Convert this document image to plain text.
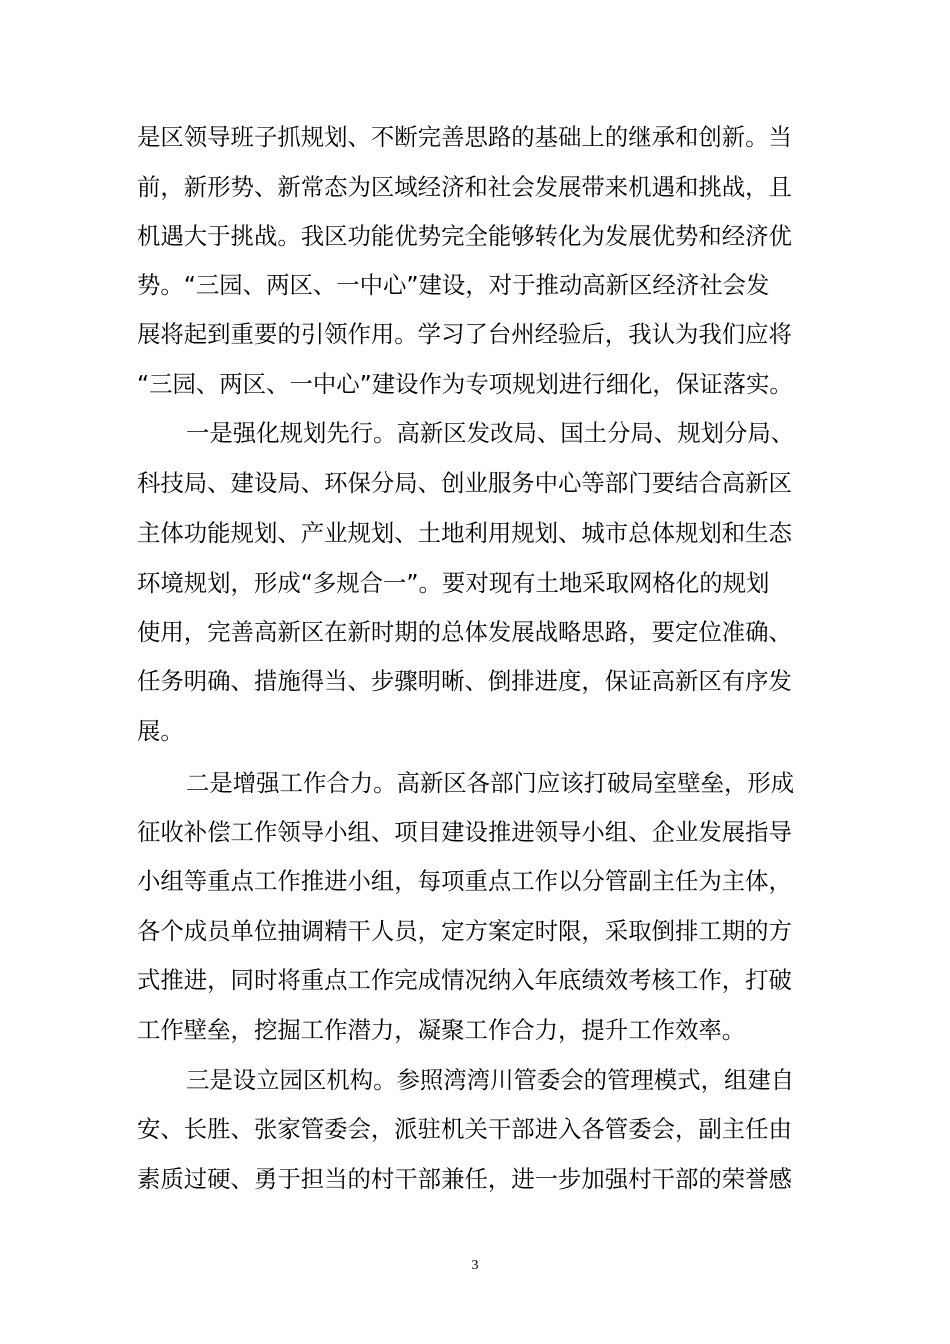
是区领导班子抓规划、不断完善思路的基础上的继承和创新。当
前，新形势、新常态为区域经济和社会发展带来机遇和挑战，且
机遇大于挑战。我区功能优势完全能够转化为发展优势和经济优
势。“三园、两区、一中心”建设，对于推动高新区经济社会发
展将起到重要的引领作用。学习了台州经验后，我认为我们应将
“三园、两区、一中心”建设作为专项规划进行细化，保证落实。
一是强化规划先行。高新区发改局、国土分局、规划分局、
科技局、建设局、环保分局、创业服务中心等部门要结合高新区
主体功能规划、产业规划、土地利用规划、城市总体规划和生态
环境规划，形成“多规合一”。要对现有土地采取网格化的规划
使用，完善高新区在新时期的总体发展战略思路，要定位准确、
任务明确、措施得当、步骤明晰、倒排进度，保证高新区有序发
展。
二是增强工作合力。高新区各部门应该打破局室壁垒，形成
征收补偿工作领导小组、项目建设推进领导小组、企业发展指导
小组等重点工作推进小组，每项重点工作以分管副主任为主体，
各个成员单位抽调精干人员，定方案定时限，采取倒排工期的方
式推进，同时将重点工作完成情况纳入年底绩效考核工作，打破
工作壁垒，挖掘工作潜力，凝聚工作合力，提升工作效率。
三是设立园区机构。参照湾湾川管委会的管理模式，组建自
安、长胜、张家管委会，派驻机关干部进入各管委会，副主任由
素质过硬、勇于担当的村干部兼任，进一步加强村干部的荣誉感
3
